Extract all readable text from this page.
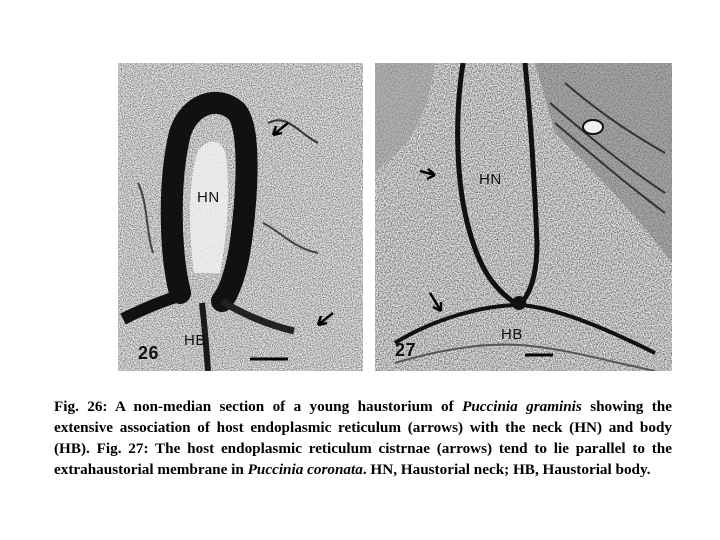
HN
HB
26
HN
HB
27
Fig. 26: A non-median section of a young haustorium of Puccinia graminis showing the extensive association of host endoplasmic reticulum (arrows) with the neck (HN) and body (HB). Fig. 27: The host endoplasmic reticulum cistrnae (arrows) tend to lie parallel to the extrahaustorial membrane in Puccinia coronata. HN, Haustorial neck; HB, Haustorial body.
